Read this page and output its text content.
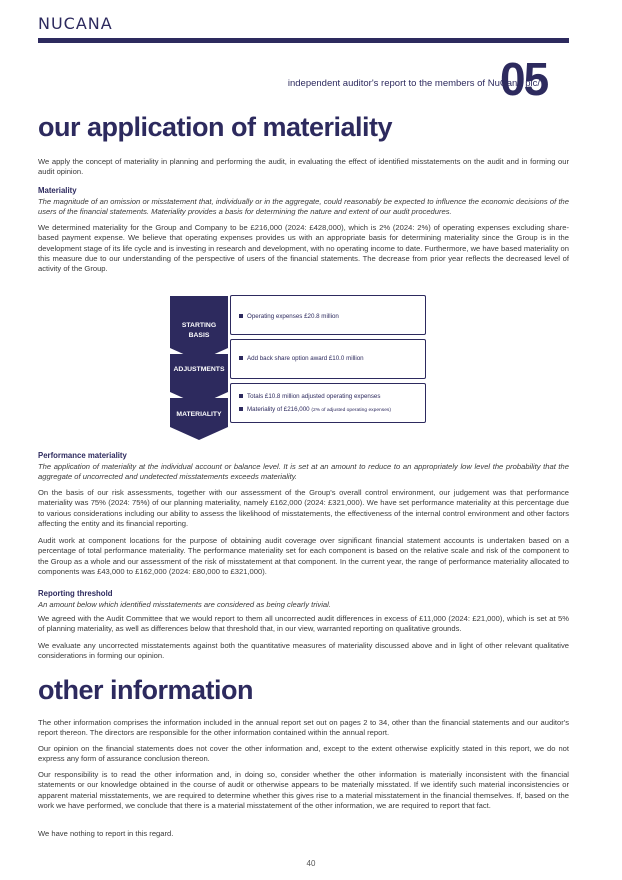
NUCANA
independent auditor's report to the members of NuCana plc/
05
our application of materiality

We apply the concept of materiality in planning and performing the audit, in evaluating the effect of identified misstatements on the audit and in forming our audit opinion.

Materiality

The magnitude of an omission or misstatement that, individually or in the aggregate, could reasonably be expected to influence the economic decisions of the users of the financial statements. Materiality provides a basis for determining the nature and extent of our audit procedures.

We determined materiality for the Group and Company to be £216,000 (2024: £428,000), which is 2% (2024: 2%) of operating expenses excluding share-based payment expense. We believe that operating expenses provides us with an appropriate basis for determining materiality since the Group is in the development stage of its life cycle and is investing in research and development, with no operating income to date. Furthermore, we have based materiality on this measure due to our understanding of the perspective of users of the financial statements. The decrease from prior year reflects the decreased level of activity of the Group.

STARTING
BASIS
ADJUSTMENTS
MATERIALITY
Operating expenses £20.8 million
Add back share option award £10.0 million
Totals £10.8 million adjusted operating expenses
Materiality of £216,000 (2% of adjusted operating expenses)

Performance materiality

The application of materiality at the individual account or balance level. It is set at an amount to reduce to an appropriately low level the probability that the aggregate of uncorrected and undetected misstatements exceeds materiality.

On the basis of our risk assessments, together with our assessment of the Group's overall control environment, our judgement was that performance materiality was 75% (2024: 75%) of our planning materiality, namely £162,000 (2024: £321,000). We have set performance materiality at this percentage due to various considerations including our ability to assess the likelihood of misstatements, the effectiveness of the internal control environment and other factors affecting the entity and its financial reporting.

Audit work at component locations for the purpose of obtaining audit coverage over significant financial statement accounts is undertaken based on a percentage of total performance materiality. The performance materiality set for each component is based on the relative scale and risk of the component to the Group as a whole and our assessment of the risk of misstatement at that component. In the current year, the range of performance materiality allocated to components was £43,000 to £162,000 (2024: £80,000 to £321,000).

Reporting threshold

An amount below which identified misstatements are considered as being clearly trivial.

We agreed with the Audit Committee that we would report to them all uncorrected audit differences in excess of £11,000 (2024: £21,000), which is set at 5% of planning materiality, as well as differences below that threshold that, in our view, warranted reporting on qualitative grounds.

We evaluate any uncorrected misstatements against both the quantitative measures of materiality discussed above and in light of other relevant qualitative considerations in forming our opinion.

other information

The other information comprises the information included in the annual report set out on pages 2 to 34, other than the financial statements and our auditor's report thereon. The directors are responsible for the other information contained within the annual report.

Our opinion on the financial statements does not cover the other information and, except to the extent otherwise explicitly stated in this report, we do not express any form of assurance conclusion thereon.

Our responsibility is to read the other information and, in doing so, consider whether the other information is materially inconsistent with the financial statements or our knowledge obtained in the course of audit or otherwise appears to be materially misstated. If we identify such material inconsistencies or apparent material misstatements, we are required to determine whether this gives rise to a material misstatement in the financial themselves. If, based on the work we have performed, we conclude that there is a material misstatement of the other information, we are required to report that fact.

We have nothing to report in this regard.

40
